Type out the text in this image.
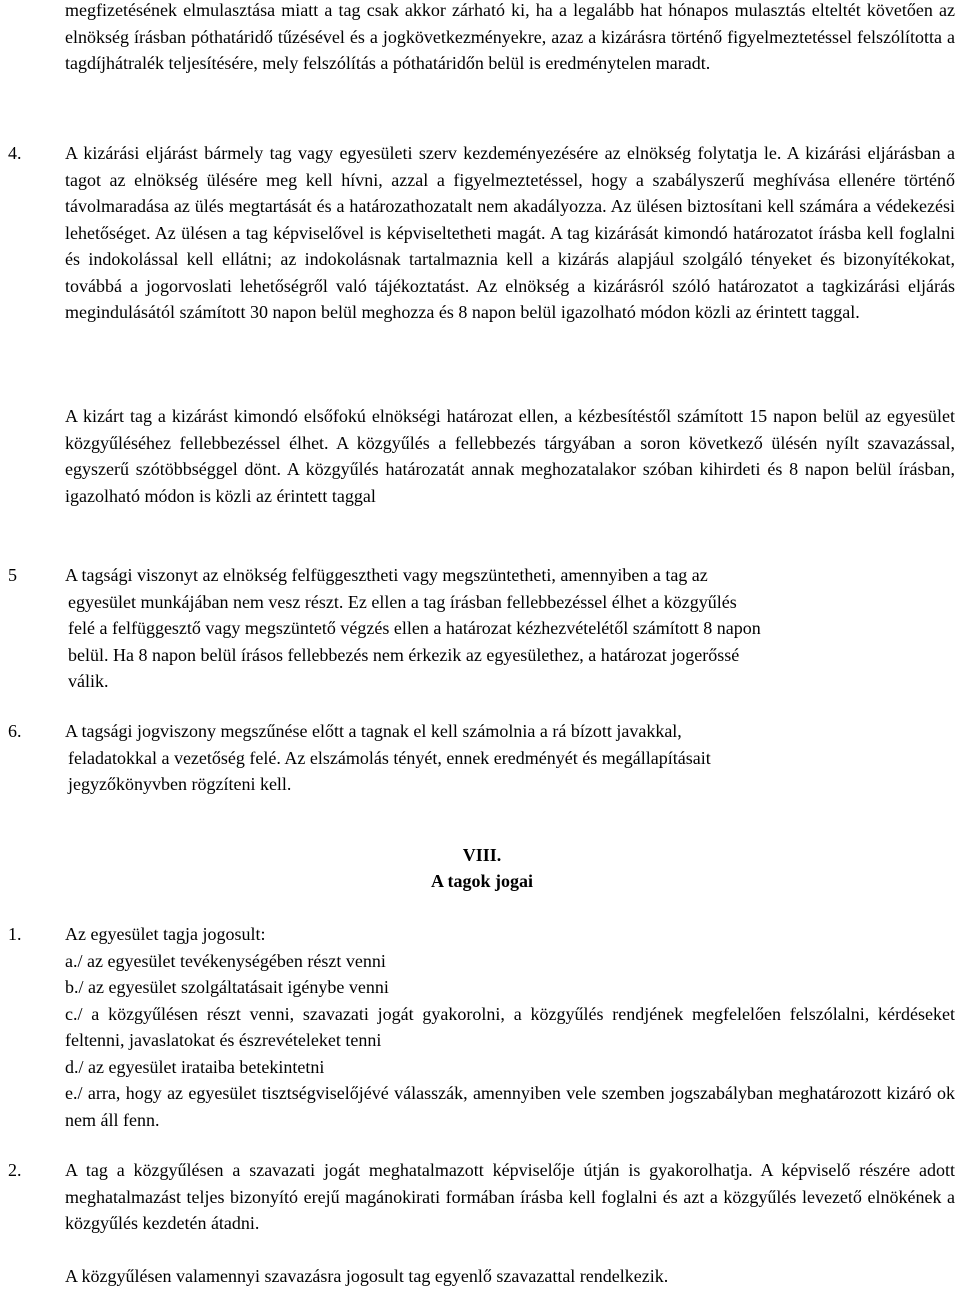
megfizetésének elmulasztása miatt a tag csak akkor zárható ki, ha a legalább hat hónapos mulasztás elteltét követően az elnökség írásban póthatáridő tűzésével és a jogkövetkezményekre, azaz a kizárásra történő figyelmeztetéssel felszólította a tagdíjhátralék teljesítésére, mely felszólítás a póthatáridőn belül is eredménytelen maradt.

4. A kizárási eljárást bármely tag vagy egyesületi szerv kezdeményezésére az elnökség folytatja le. A kizárási eljárásban a tagot az elnökség ülésére meg kell hívni, azzal a figyelmeztetéssel, hogy a szabályszerű meghívása ellenére történő távolmaradása az ülés megtartását és a határozathozatalt nem akadályozza. Az ülésen biztosítani kell számára a védekezési lehetőséget. Az ülésen a tag képviselővel is képviseltetheti magát. A tag kizárását kimondó határozatot írásba kell foglalni és indokolással kell ellátni; az indokolásnak tartalmaznia kell a kizárás alapjául szolgáló tényeket és bizonyítékokat, továbbá a jogorvoslati lehetőségről való tájékoztatást. Az elnökség a kizárásról szóló határozatot a tagkizárási eljárás megindulásától számított 30 napon belül meghozza és 8 napon belül igazolható módon közli az érintett taggal.

A kizárt tag a kizárást kimondó elsőfokú elnökségi határozat ellen, a kézbesítéstől számított 15 napon belül az egyesület közgyűléséhez fellebbezéssel élhet. A közgyűlés a fellebbezés tárgyában a soron következő ülésén nyílt szavazással, egyszerű szótöbbséggel dönt. A közgyűlés határozatát annak meghozatalakor szóban kihirdeti és 8 napon belül írásban, igazolható módon is közli az érintett taggal

5	A tagsági viszonyt az elnökség felfüggesztheti vagy megszüntetheti, amennyiben a tag az
egyesület munkájában nem vesz részt. Ez ellen a tag írásban fellebbezéssel élhet a közgyűlés
felé a felfüggesztő vagy megszüntető végzés ellen a határozat kézhezvételétől számított 8 napon
belül. Ha 8 napon belül írásos fellebbezés nem érkezik az egyesülethez, a határozat jogerőssé
válik.
6. A tagsági jogviszony megszűnése előtt a tagnak el kell számolnia a rá bízott javakkal,
feladatokkal a vezetőség felé. Az elszámolás tényét, ennek eredményét és megállapításait
jegyzőkönyvben rögzíteni kell.
VIII.
A tagok jogai
1. Az egyesület tagja jogosult:
a./ az egyesület tevékenységében részt venni
b./ az egyesület szolgáltatásait igénybe venni

c./ a közgyűlésen részt venni, szavazati jogát gyakorolni, a közgyűlés rendjének megfelelően felszólalni, kérdéseket feltenni, javaslatokat és észrevételeket tenni

d./ az egyesület irataiba betekintetni

e./ arra, hogy az egyesület tisztségviselőjévé válasszák, amennyiben vele szemben jogszabályban meghatározott kizáró ok nem áll fenn.

2. A tag a közgyűlésen a szavazati jogát meghatalmazott képviselője útján is gyakorolhatja. A képviselő részére adott meghatalmazást teljes bizonyító erejű magánokirati formában írásba kell foglalni és azt a közgyűlés levezető elnökének a közgyűlés kezdetén átadni.

A közgyűlésen valamennyi szavazásra jogosult tag egyenlő szavazattal rendelkezik.
